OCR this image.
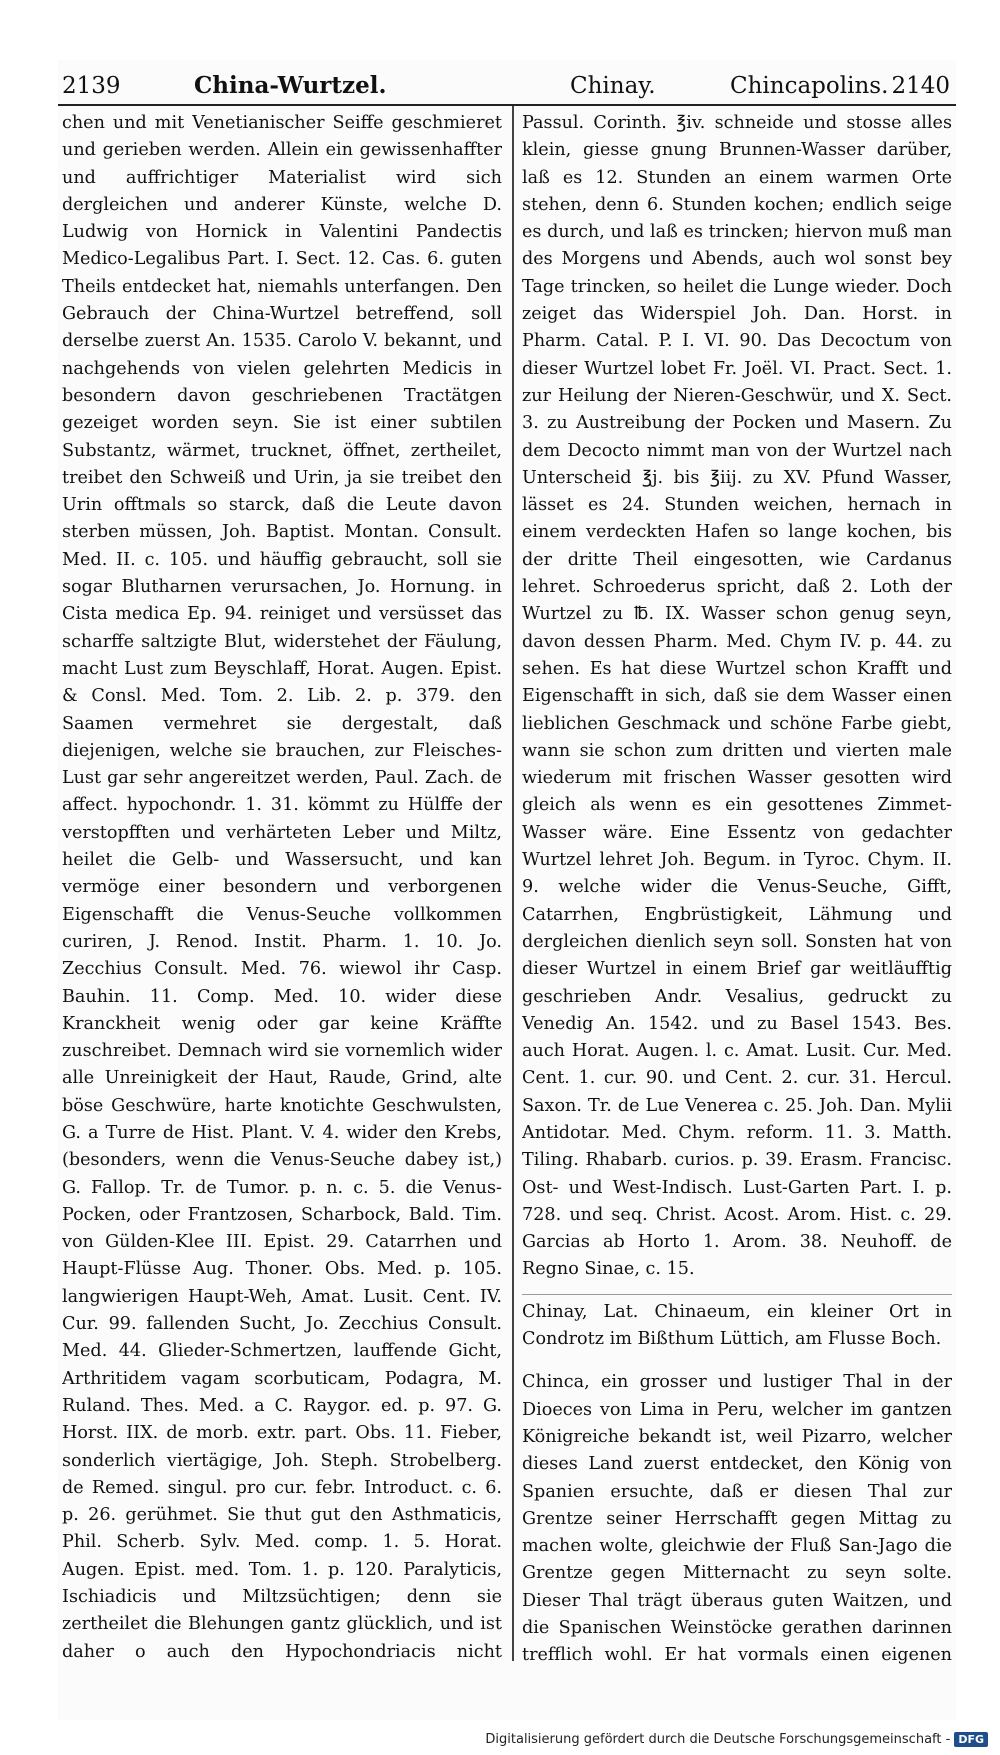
2139	China-Wurtzel.	Chinay.	Chincapolins. 2140

chen und mit Venetianischer Seiffe geschmieret und gerieben werden. Allein ein gewissenhaffter und auffrichtiger Materialist wird sich dergleichen und anderer Künste, welche D. Ludwig von Hornick in Valentini Pandectis Medico-Legalibus Part. I. Sect. 12. Cas. 6. guten Theils entdecket hat, niemahls unterfangen. Den Gebrauch der China-Wurtzel betreffend, soll derselbe zuerst An. 1535. Carolo V. bekannt, und nachgehends von vielen gelehrten Medicis in besondern davon geschriebenen Tractätgen gezeiget worden seyn. Sie ist einer subtilen Substantz, wärmet, trucknet, öffnet, zertheilet, treibet den Schweiß und Urin, ja sie treibet den Urin offtmals so starck, daß die Leute davon sterben müssen, Joh. Baptist. Montan. Consult. Med. II. c. 105. und häuffig gebraucht, soll sie sogar Blutharnen verursachen, Jo. Hornung. in Cista medica Ep. 94. reiniget und versüsset das scharffe saltzigte Blut, widerstehet der Fäulung, macht Lust zum Beyschlaff, Horat. Augen. Epist. & Consl. Med. Tom. 2. Lib. 2. p. 379. den Saamen vermehret sie dergestalt, daß diejenigen, welche sie brauchen, zur Fleisches-Lust gar sehr angereitzet werden, Paul. Zach. de affect. hypochondr. 1. 31. kömmt zu Hülffe der verstopfften und verhärteten Leber und Miltz, heilet die Gelb- und Wassersucht, und kan vermöge einer besondern und verborgenen Eigenschafft die Venus-Seuche vollkommen curiren, J. Renod. Instit. Pharm. 1. 10. Jo. Zecchius Consult. Med. 76. wiewol ihr Casp. Bauhin. 11. Comp. Med. 10. wider diese Kranckheit wenig oder gar keine Kräffte zuschreibet. Demnach wird sie vornemlich wider alle Unreinigkeit der Haut, Raude, Grind, alte böse Geschwüre, harte knotichte Geschwulsten, G. a Turre de Hist. Plant. V. 4. wider den Krebs, (besonders, wenn die Venus-Seuche dabey ist,) G. Fallop. Tr. de Tumor. p. n. c. 5. die Venus-Pocken, oder Frantzosen, Scharbock, Bald. Tim. von Gülden-Klee III. Epist. 29. Catarrhen und Haupt-Flüsse Aug. Thoner. Obs. Med. p. 105. langwierigen Haupt-Weh, Amat. Lusit. Cent. IV. Cur. 99. fallenden Sucht, Jo. Zecchius Consult. Med. 44. Glieder-Schmertzen, lauffende Gicht, Arthritidem vagam scorbuticam, Podagra, M. Ruland. Thes. Med. a C. Raygor. ed. p. 97. G. Horst. IIX. de morb. extr. part. Obs. 11. Fieber, sonderlich viertägige, Joh. Steph. Strobelberg. de Remed. singul. pro cur. febr. Introduct. c. 6. p. 26. gerühmet. Sie thut gut den Asthmaticis, Phil. Scherb. Sylv. Med. comp. 1. 5. Horat. Augen. Epist. med. Tom. 1. p. 120. Paralyticis, Ischiadicis und Miltzsüchtigen; denn sie zertheilet die Blehungen gantz glücklich, und ist daher o auch den Hypochondriacis nicht

Passul. Corinth. ℥iv. schneide und stosse alles klein, giesse gnung Brunnen-Wasser darüber, laß es 12. Stunden an einem warmen Orte stehen, denn 6. Stunden kochen; endlich seige es durch, und laß es trincken; hiervon muß man des Morgens und Abends, auch wol sonst bey Tage trincken, so heilet die Lunge wieder. Doch zeiget das Widerspiel Joh. Dan. Horst. in Pharm. Catal. P. I. VI. 90. Das Decoctum von dieser Wurtzel lobet Fr. Joël. VI. Pract. Sect. 1. zur Heilung der Nieren-Geschwür, und X. Sect. 3. zu Austreibung der Pocken und Masern. Zu dem Decocto nimmt man von der Wurtzel nach Unterscheid ℥j. bis ℥iij. zu XV. Pfund Wasser, lässet es 24. Stunden weichen, hernach in einem verdeckten Hafen so lange kochen, bis der dritte Theil eingesotten, wie Cardanus lehret. Schroederus spricht, daß 2. Loth der Wurtzel zu ℔. IX. Wasser schon genug seyn, davon dessen Pharm. Med. Chym IV. p. 44. zu sehen. Es hat diese Wurtzel schon Krafft und Eigenschafft in sich, daß sie dem Wasser einen lieblichen Geschmack und schöne Farbe giebt, wann sie schon zum dritten und vierten male wiederum mit frischen Wasser gesotten wird gleich als wenn es ein gesottenes Zimmet-Wasser wäre. Eine Essentz von gedachter Wurtzel lehret Joh. Begum. in Tyroc. Chym. II. 9. welche wider die Venus-Seuche, Gifft, Catarrhen, Engbrüstigkeit, Lähmung und dergleichen dienlich seyn soll. Sonsten hat von dieser Wurtzel in einem Brief gar weitläufftig geschrieben Andr. Vesalius, gedruckt zu Venedig An. 1542. und zu Basel 1543. Bes. auch Horat. Augen. l. c. Amat. Lusit. Cur. Med. Cent. 1. cur. 90. und Cent. 2. cur. 31. Hercul. Saxon. Tr. de Lue Venerea c. 25. Joh. Dan. Mylii Antidotar. Med. Chym. reform. 11. 3. Matth. Tiling. Rhabarb. curios. p. 39. Erasm. Francisc. Ost- und West-Indisch. Lust-Garten Part. I. p. 728. und seq. Christ. Acost. Arom. Hist. c. 29. Garcias ab Horto 1. Arom. 38. Neuhoff. de Regno Sinae, c. 15.

Chinay, Lat. Chinaeum, ein kleiner Ort in Condrotz im Bißthum Lüttich, am Flusse Boch.

Chinca, ein grosser und lustiger Thal in der Dioeces von Lima in Peru, welcher im gantzen Königreiche bekandt ist, weil Pizarro, welcher dieses Land zuerst entdecket, den König von Spanien ersuchte, daß er diesen Thal zur Grentze seiner Herrschafft gegen Mittag zu machen wolte, gleichwie der Fluß San-Jago die Grentze gegen Mitternacht zu seyn solte. Dieser Thal trägt überaus guten Waitzen, und die Spanischen Weinstöcke gerathen darinnen trefflich wohl. Er hat vormals einen eigenen

Digitalisierung gefördert durch die Deutsche Forschungsgemeinschaft - DFG
